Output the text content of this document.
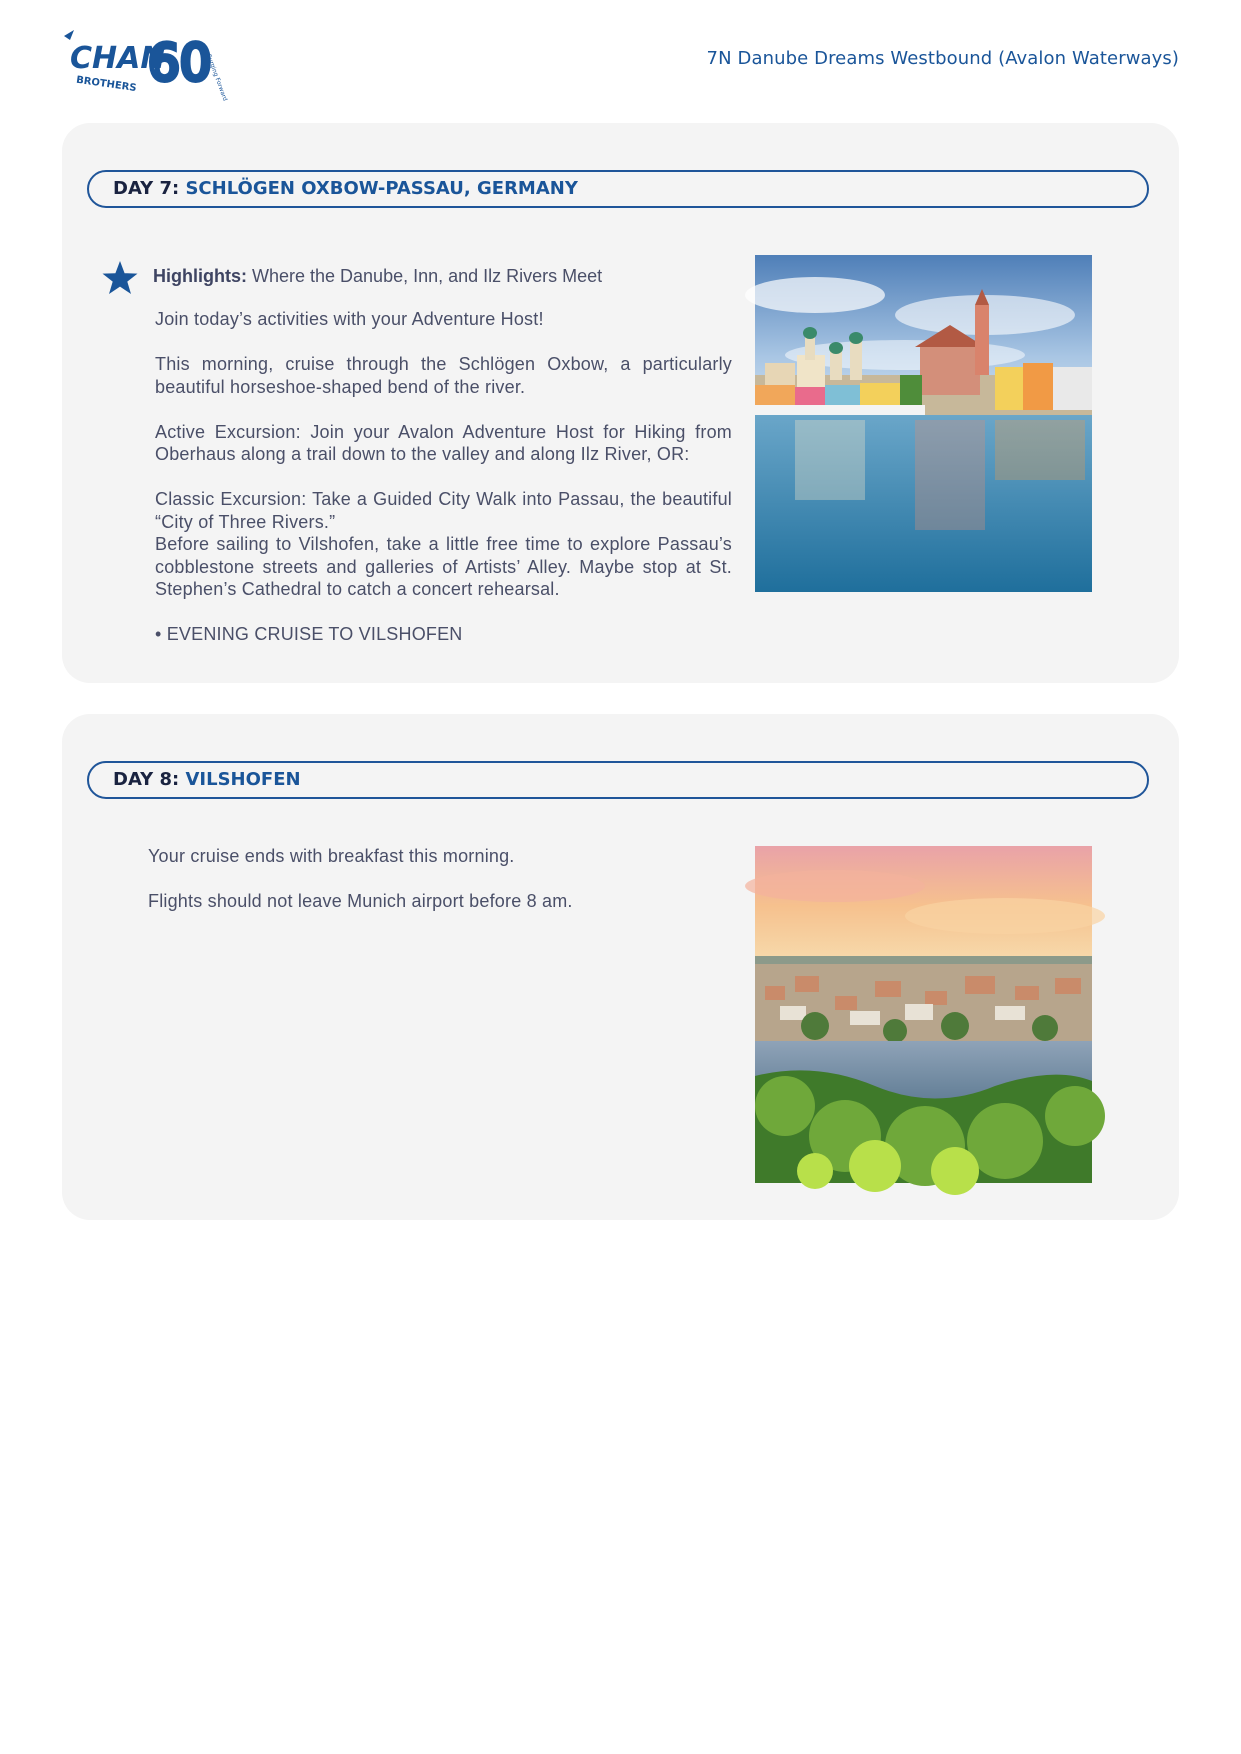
CHAN
BROTHERS 60
Surging Forward	7N Danube Dreams Westbound (Avalon Waterways)
DAY 7: SCHLÖGEN OXBOW-PASSAU, GERMANY
Highlights: Where the Danube, Inn, and Ilz Rivers Meet

Join today’s activities with your Adventure Host!

This morning, cruise through the Schlögen Oxbow, a particularly beautiful horseshoe-shaped bend of the river.

Active Excursion: Join your Avalon Adventure Host for Hiking from Oberhaus along a trail down to the valley and along Ilz River, OR:

Classic Excursion: Take a Guided City Walk into Passau, the beautiful “City of Three Rivers.”

Before sailing to Vilshofen, take a little free time to explore Passau’s cobblestone streets and galleries of Artists’ Alley. Maybe stop at St. Stephen’s Cathedral to catch a concert rehearsal.

• EVENING CRUISE TO VILSHOFEN

DAY 8: VILSHOFEN

Your cruise ends with breakfast this morning.

Flights should not leave Munich airport before 8 am.
